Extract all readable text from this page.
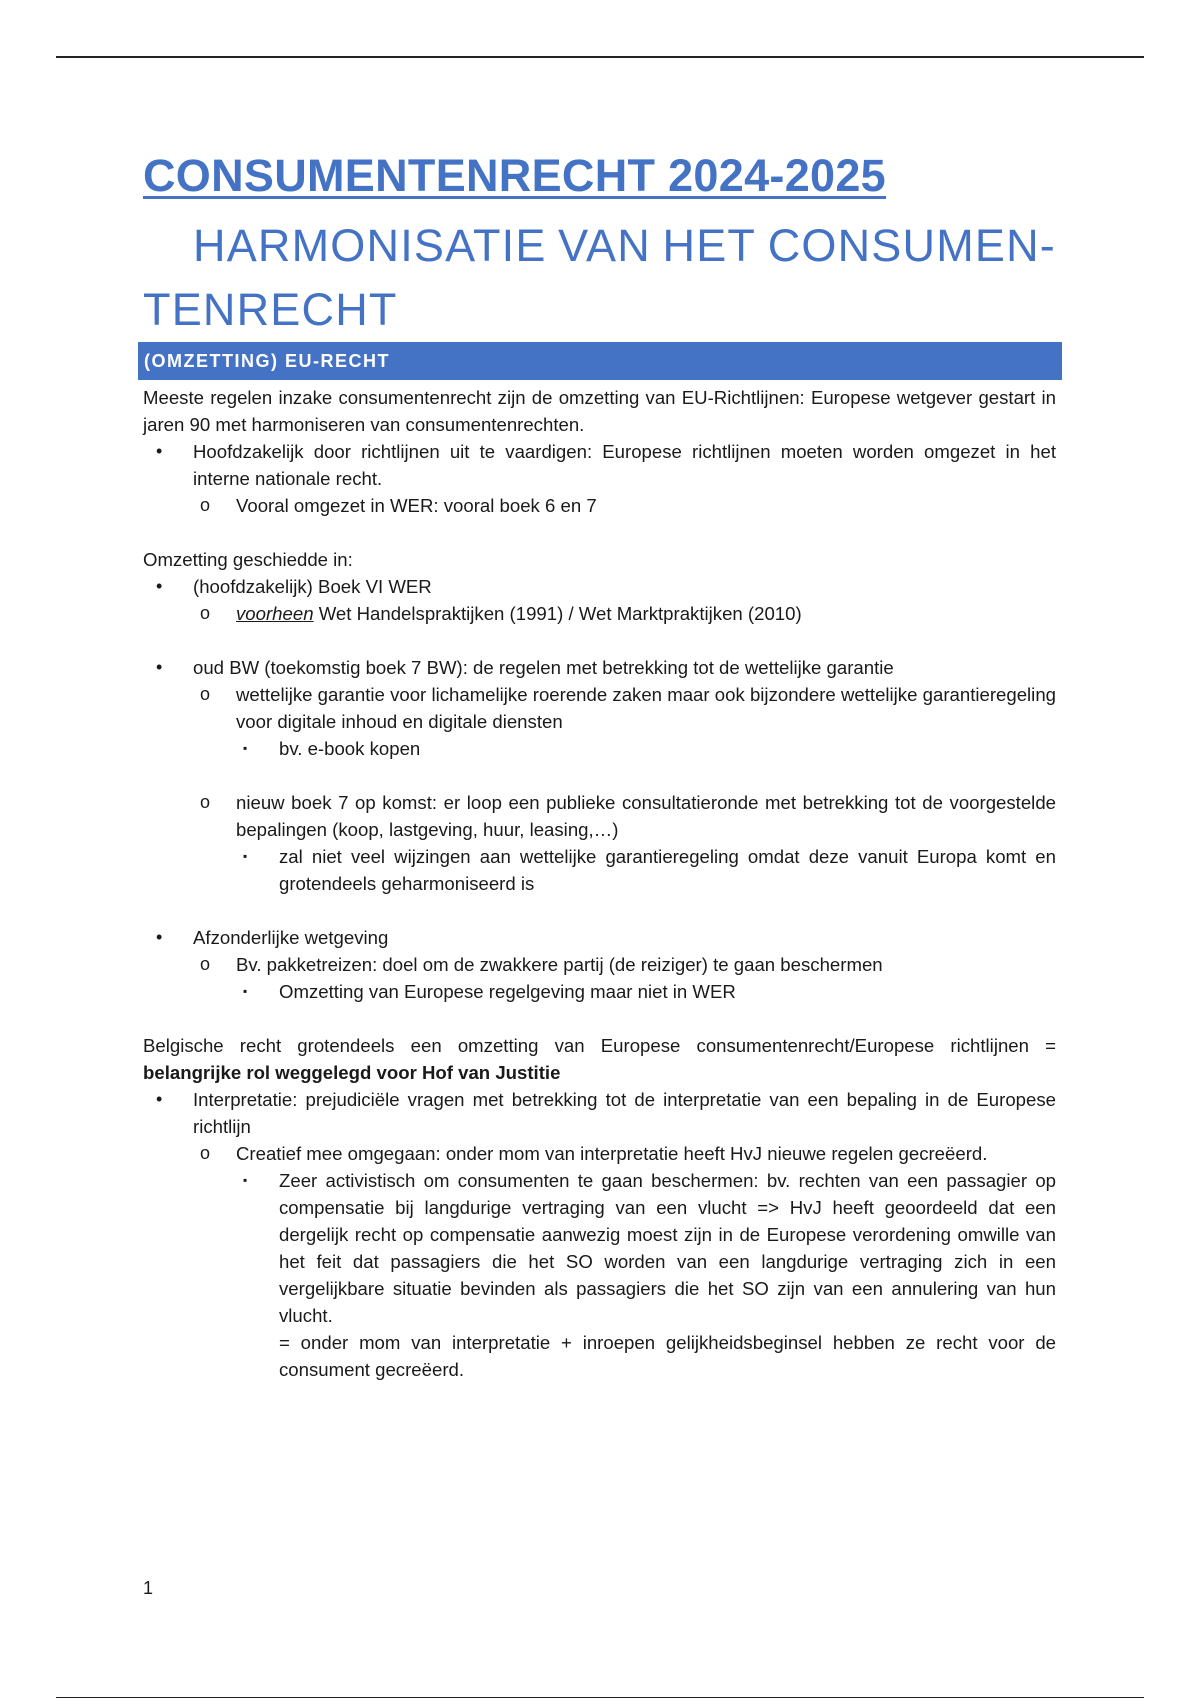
CONSUMENTENRECHT 2024-2025
HARMONISATIE VAN HET CONSUMEN-
TENRECHT
(OMZETTING) EU-RECHT

Meeste regelen inzake consumentenrecht zijn de omzetting van EU-Richtlijnen: Europese wetgever gestart in jaren 90 met harmoniseren van consumentenrechten.

• Hoofdzakelijk door richtlijnen uit te vaardigen: Europese richtlijnen moeten worden omgezet in het interne nationale recht.
o Vooral omgezet in WER: vooral boek 6 en 7

Omzetting geschiedde in:

• (hoofdzakelijk) Boek VI WER
o voorheen Wet Handelspraktijken (1991) / Wet Marktpraktijken (2010)
• oud BW (toekomstig boek 7 BW): de regelen met betrekking tot de wettelijke garantie
o wettelijke garantie voor lichamelijke roerende zaken maar ook bijzondere wettelijke garantieregeling voor digitale inhoud en digitale diensten
▪ bv. e-book kopen
o nieuw boek 7 op komst: er loop een publieke consultatieronde met betrekking tot de voorgestelde bepalingen (koop, lastgeving, huur, leasing,…)
▪ zal niet veel wijzingen aan wettelijke garantieregeling omdat deze vanuit Europa komt en grotendeels geharmoniseerd is
• Afzonderlijke wetgeving
o Bv. pakketreizen: doel om de zwakkere partij (de reiziger) te gaan beschermen
▪ Omzetting van Europese regelgeving maar niet in WER

Belgische recht grotendeels een omzetting van Europese consumentenrecht/Europese richtlijnen = belangrijke rol weggelegd voor Hof van Justitie

• Interpretatie: prejudiciële vragen met betrekking tot de interpretatie van een bepaling in de Europese richtlijn
o Creatief mee omgegaan: onder mom van interpretatie heeft HvJ nieuwe regelen gecreëerd.
▪ Zeer activistisch om consumenten te gaan beschermen: bv. rechten van een passagier op compensatie bij langdurige vertraging van een vlucht => HvJ heeft geoordeeld dat een dergelijk recht op compensatie aanwezig moest zijn in de Europese verordening omwille van het feit dat passagiers die het SO worden van een langdurige vertraging zich in een vergelijkbare situatie bevinden als passagiers die het SO zijn van een annulering van hun vlucht.
= onder mom van interpretatie + inroepen gelijkheidsbeginsel hebben ze recht voor de consument gecreëerd.
1
